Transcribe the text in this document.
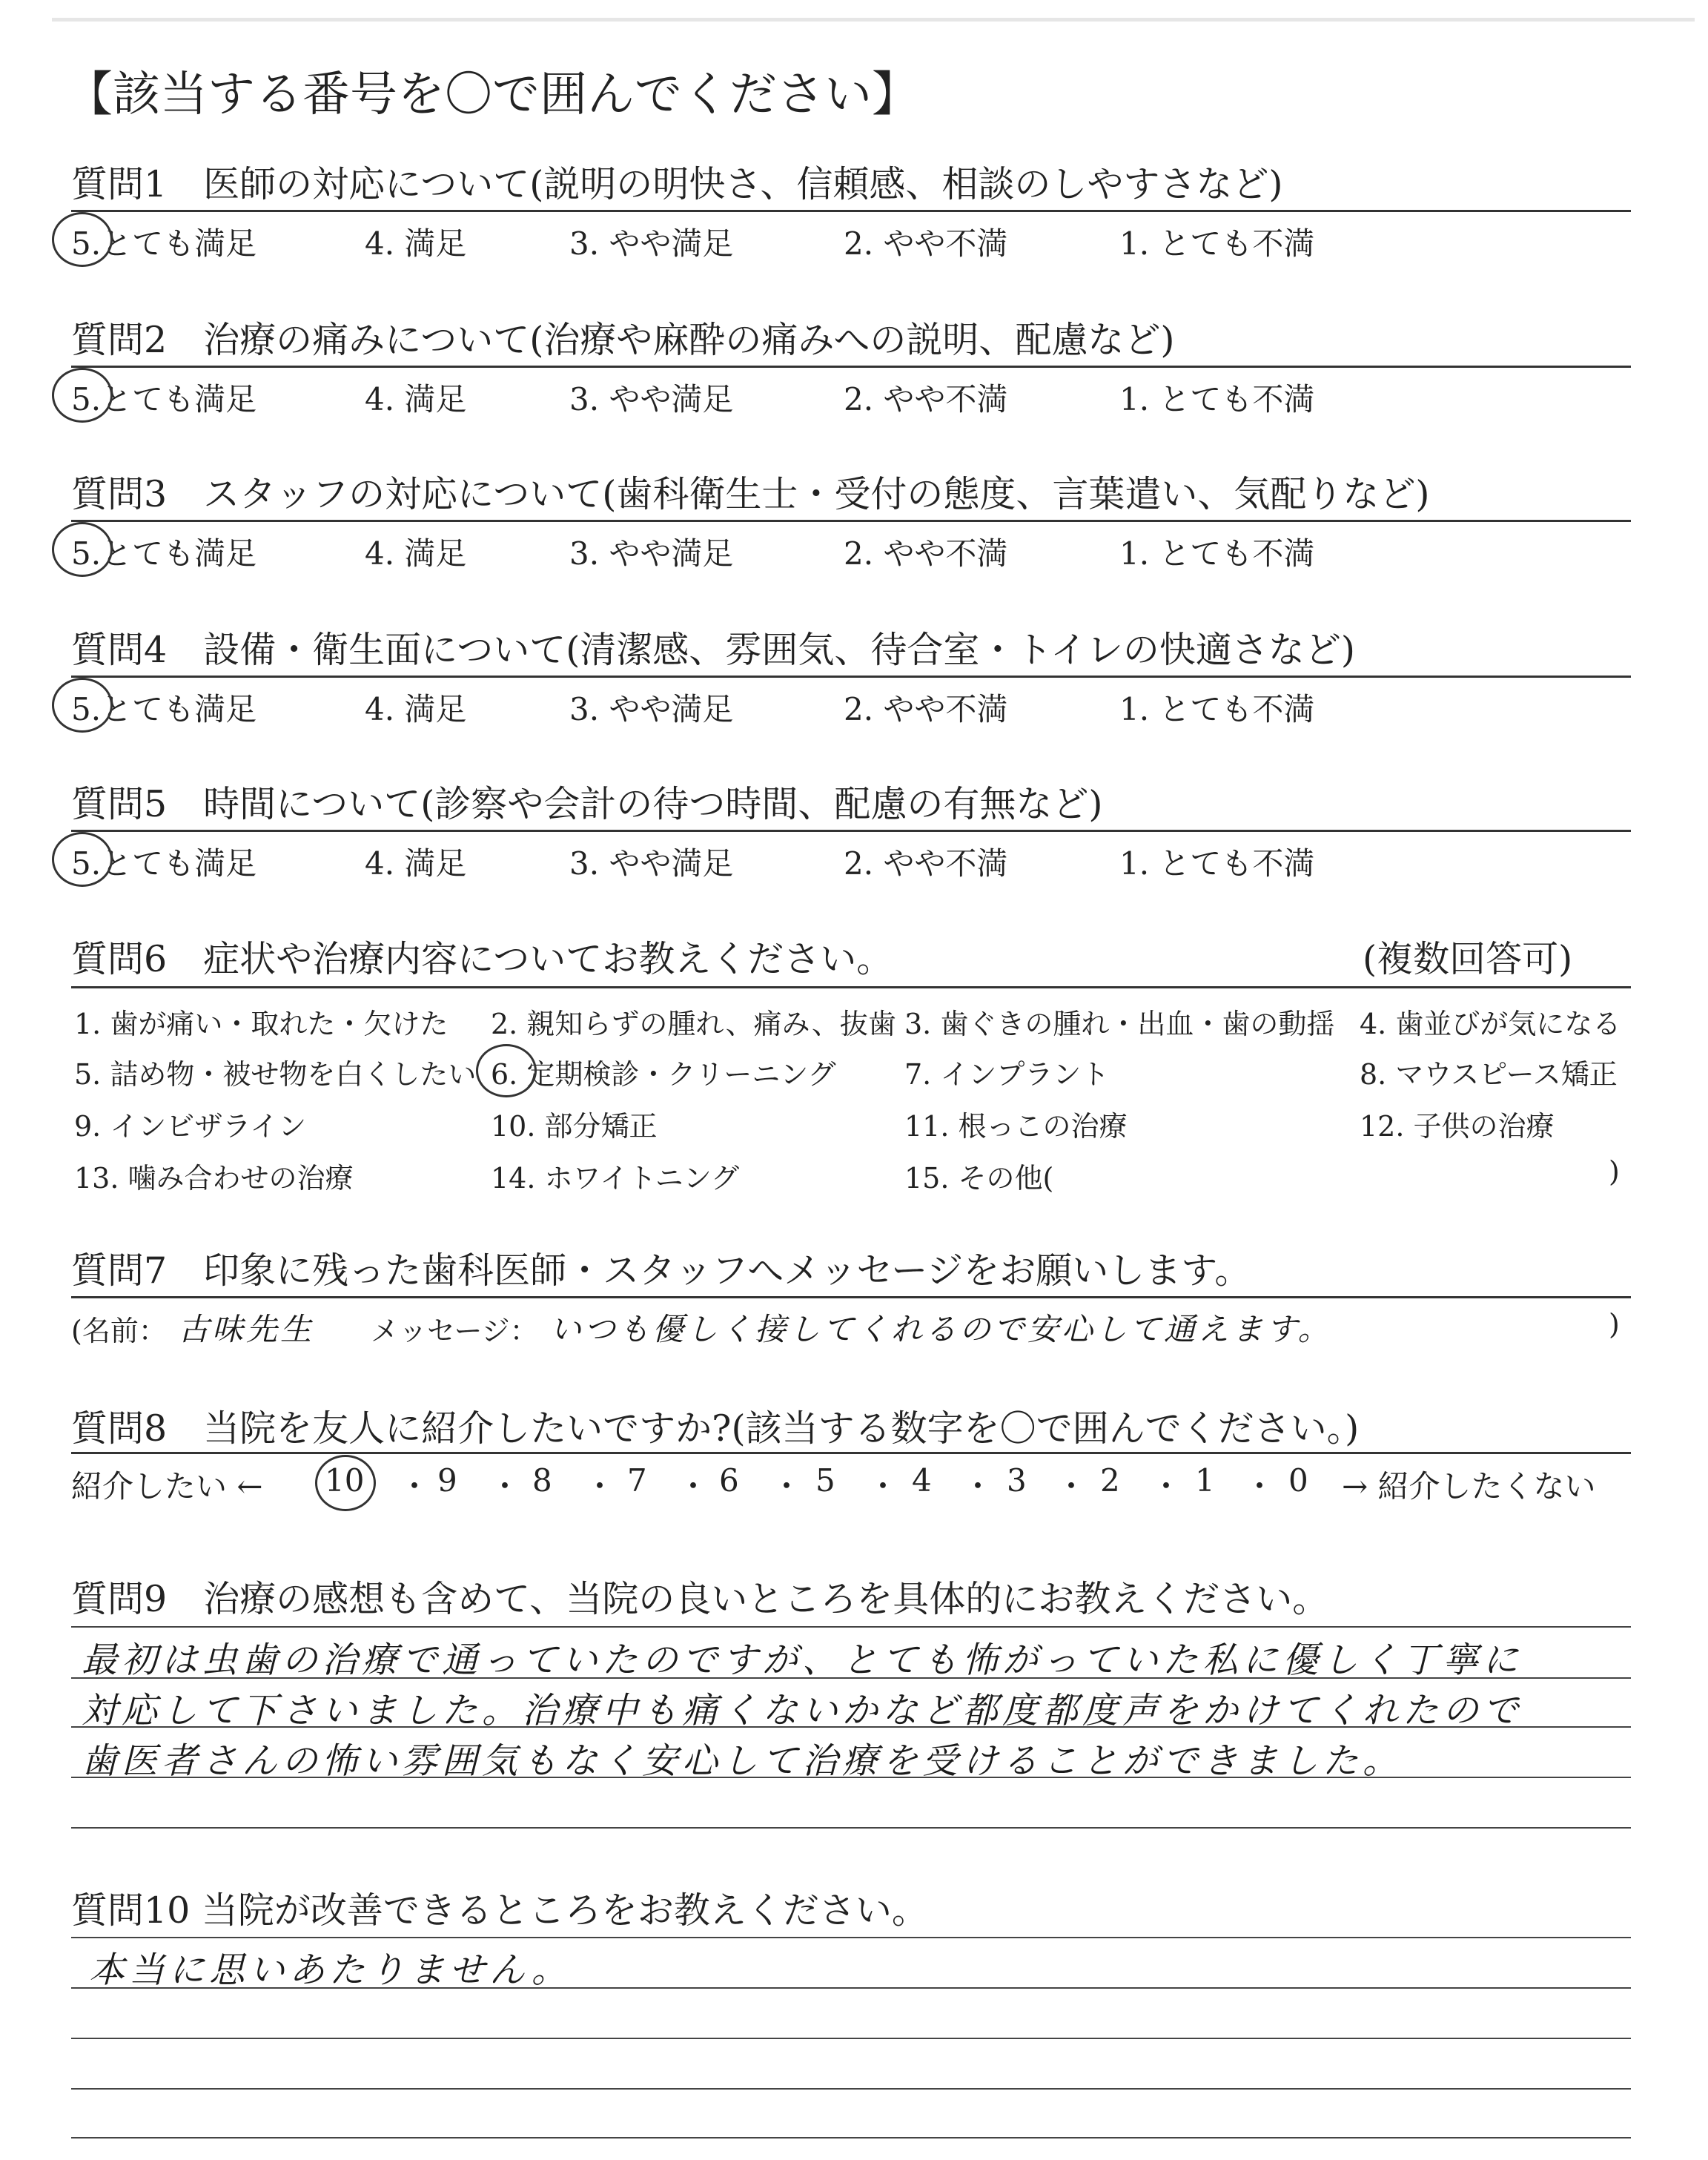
【該当する番号を〇で囲んでください】
質問1　医師の対応について(説明の明快さ、信頼感、相談のしやすさなど)
5.とても満足	4. 満足	3. やや満足	2. やや不満	1. とても不満
質問2　治療の痛みについて(治療や麻酔の痛みへの説明、配慮など)
5.とても満足	4. 満足	3. やや満足	2. やや不満	1. とても不満
質問3　スタッフの対応について(歯科衛生士・受付の態度、言葉遣い、気配りなど)
5.とても満足	4. 満足	3. やや満足	2. やや不満	1. とても不満
質問4　設備・衛生面について(清潔感、雰囲気、待合室・トイレの快適さなど)
5.とても満足	4. 満足	3. やや満足	2. やや不満	1. とても不満
質問5　時間について(診察や会計の待つ時間、配慮の有無など)
5.とても満足	4. 満足	3. やや満足	2. やや不満	1. とても不満
質問6　症状や治療内容についてお教えください。	(複数回答可)
1. 歯が痛い・取れた・欠けた 2. 親知らずの腫れ、痛み、抜歯 3. 歯ぐきの腫れ・出血・歯の動揺 4. 歯並びが気になる
5. 詰め物・被せ物を白くしたい 6. 定期検診・クリーニング 7. インプラント	8. マウスピース矯正
9. インビザライン	10. 部分矯正	11. 根っこの治療	12. 子供の治療
13. 噛み合わせの治療	14. ホワイトニング	15. その他(	)
質問7　印象に残った歯科医師・スタッフへメッセージをお願いします。
(名前： 古味先生 メッセージ： いつも優しく接してくれるので安心して通えます。	)
質問8　当院を友人に紹介したいですか?(該当する数字を〇で囲んでください。)
紹介したい ← 10 9 8 7 6 5 4 3 2 1 0
・ ・ ・ ・ ・ ・ ・ ・ ・ ・ → 紹介したくない
質問9　治療の感想も含めて、当院の良いところを具体的にお教えください。
最初は虫歯の治療で通っていたのですが、とても怖がっていた私に優しく丁寧に
対応して下さいました。治療中も痛くないかなど都度都度声をかけてくれたので
歯医者さんの怖い雰囲気もなく安心して治療を受けることができました。
質問10 当院が改善できるところをお教えください。
本当に思いあたりません。
